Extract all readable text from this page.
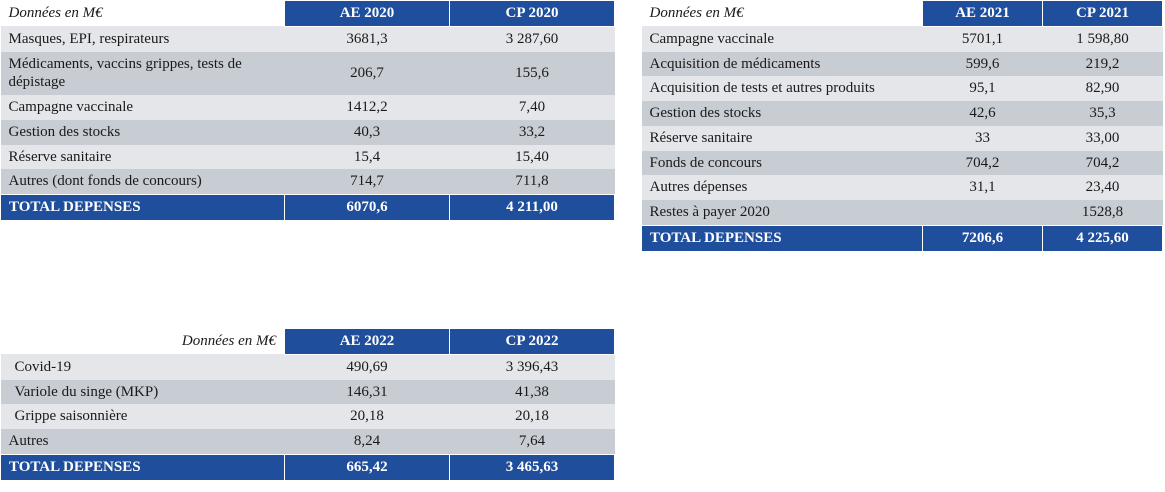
Données en M€	AE 2020	CP 2020
Masques, EPI, respirateurs	3681,3	3 287,60
Médicaments, vaccins grippes, tests de dépistage	206,7	155,6
Campagne vaccinale	1412,2	7,40
Gestion des stocks	40,3	33,2
Réserve sanitaire	15,4	15,40
Autres (dont fonds de concours)	714,7	711,8
TOTAL DEPENSES	6070,6	4 211,00
Données en M€	AE 2021	CP 2021
Campagne vaccinale	5701,1	1 598,80
Acquisition de médicaments	599,6	219,2
Acquisition de tests et autres produits	95,1	82,90
Gestion des stocks	42,6	35,3
Réserve sanitaire	33	33,00
Fonds de concours	704,2	704,2
Autres dépenses	31,1	23,40
Restes à payer 2020		1528,8
TOTAL DEPENSES	7206,6	4 225,60
Données en M€	AE 2022	CP 2022
Covid-19	490,69	3 396,43
Variole du singe (MKP)	146,31	41,38
Grippe saisonnière	20,18	20,18
Autres	8,24	7,64
TOTAL DEPENSES	665,42	3 465,63
